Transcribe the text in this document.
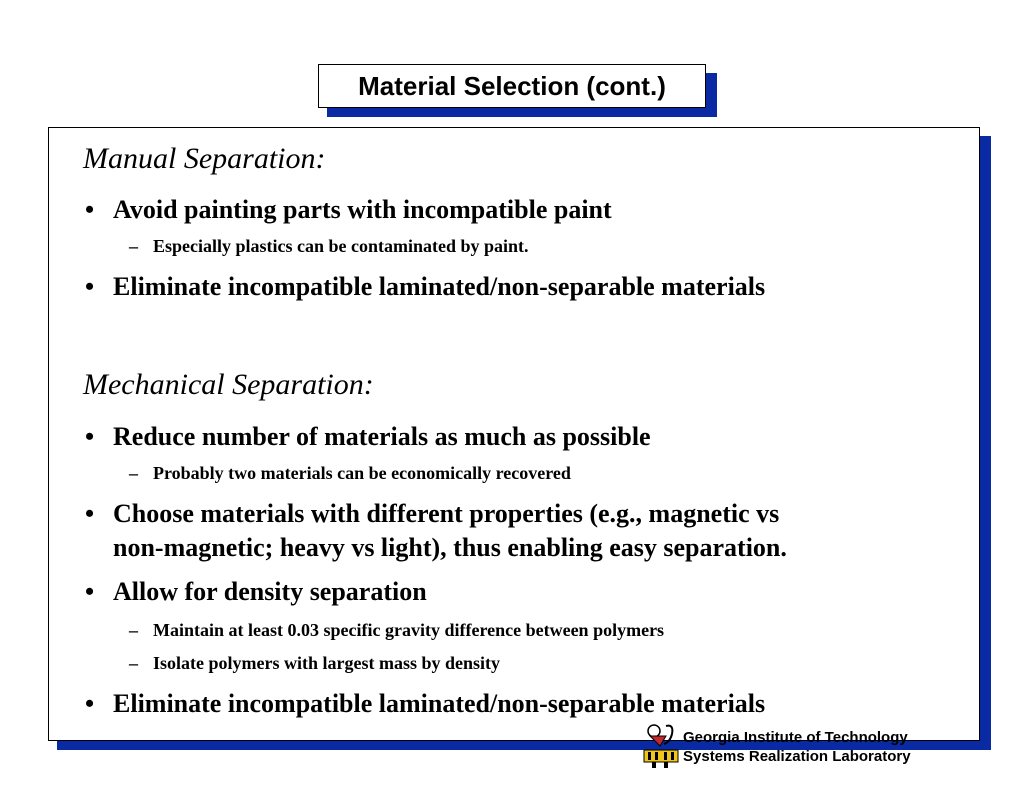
Material Selection (cont.)
Manual Separation:
• Avoid painting parts with incompatible paint
– Especially plastics can be contaminated by paint.
• Eliminate incompatible laminated/non-separable materials
Mechanical Separation:
• Reduce number of materials as much as possible
– Probably two materials can be economically recovered
• Choose materials with different properties (e.g., magnetic vs
non-magnetic; heavy vs light), thus enabling easy separation.
• Allow for density separation
– Maintain at least 0.03 specific gravity difference between polymers
– Isolate polymers with largest mass by density
• Eliminate incompatible laminated/non-separable materials
Georgia Institute of Technology
Systems Realization Laboratory
